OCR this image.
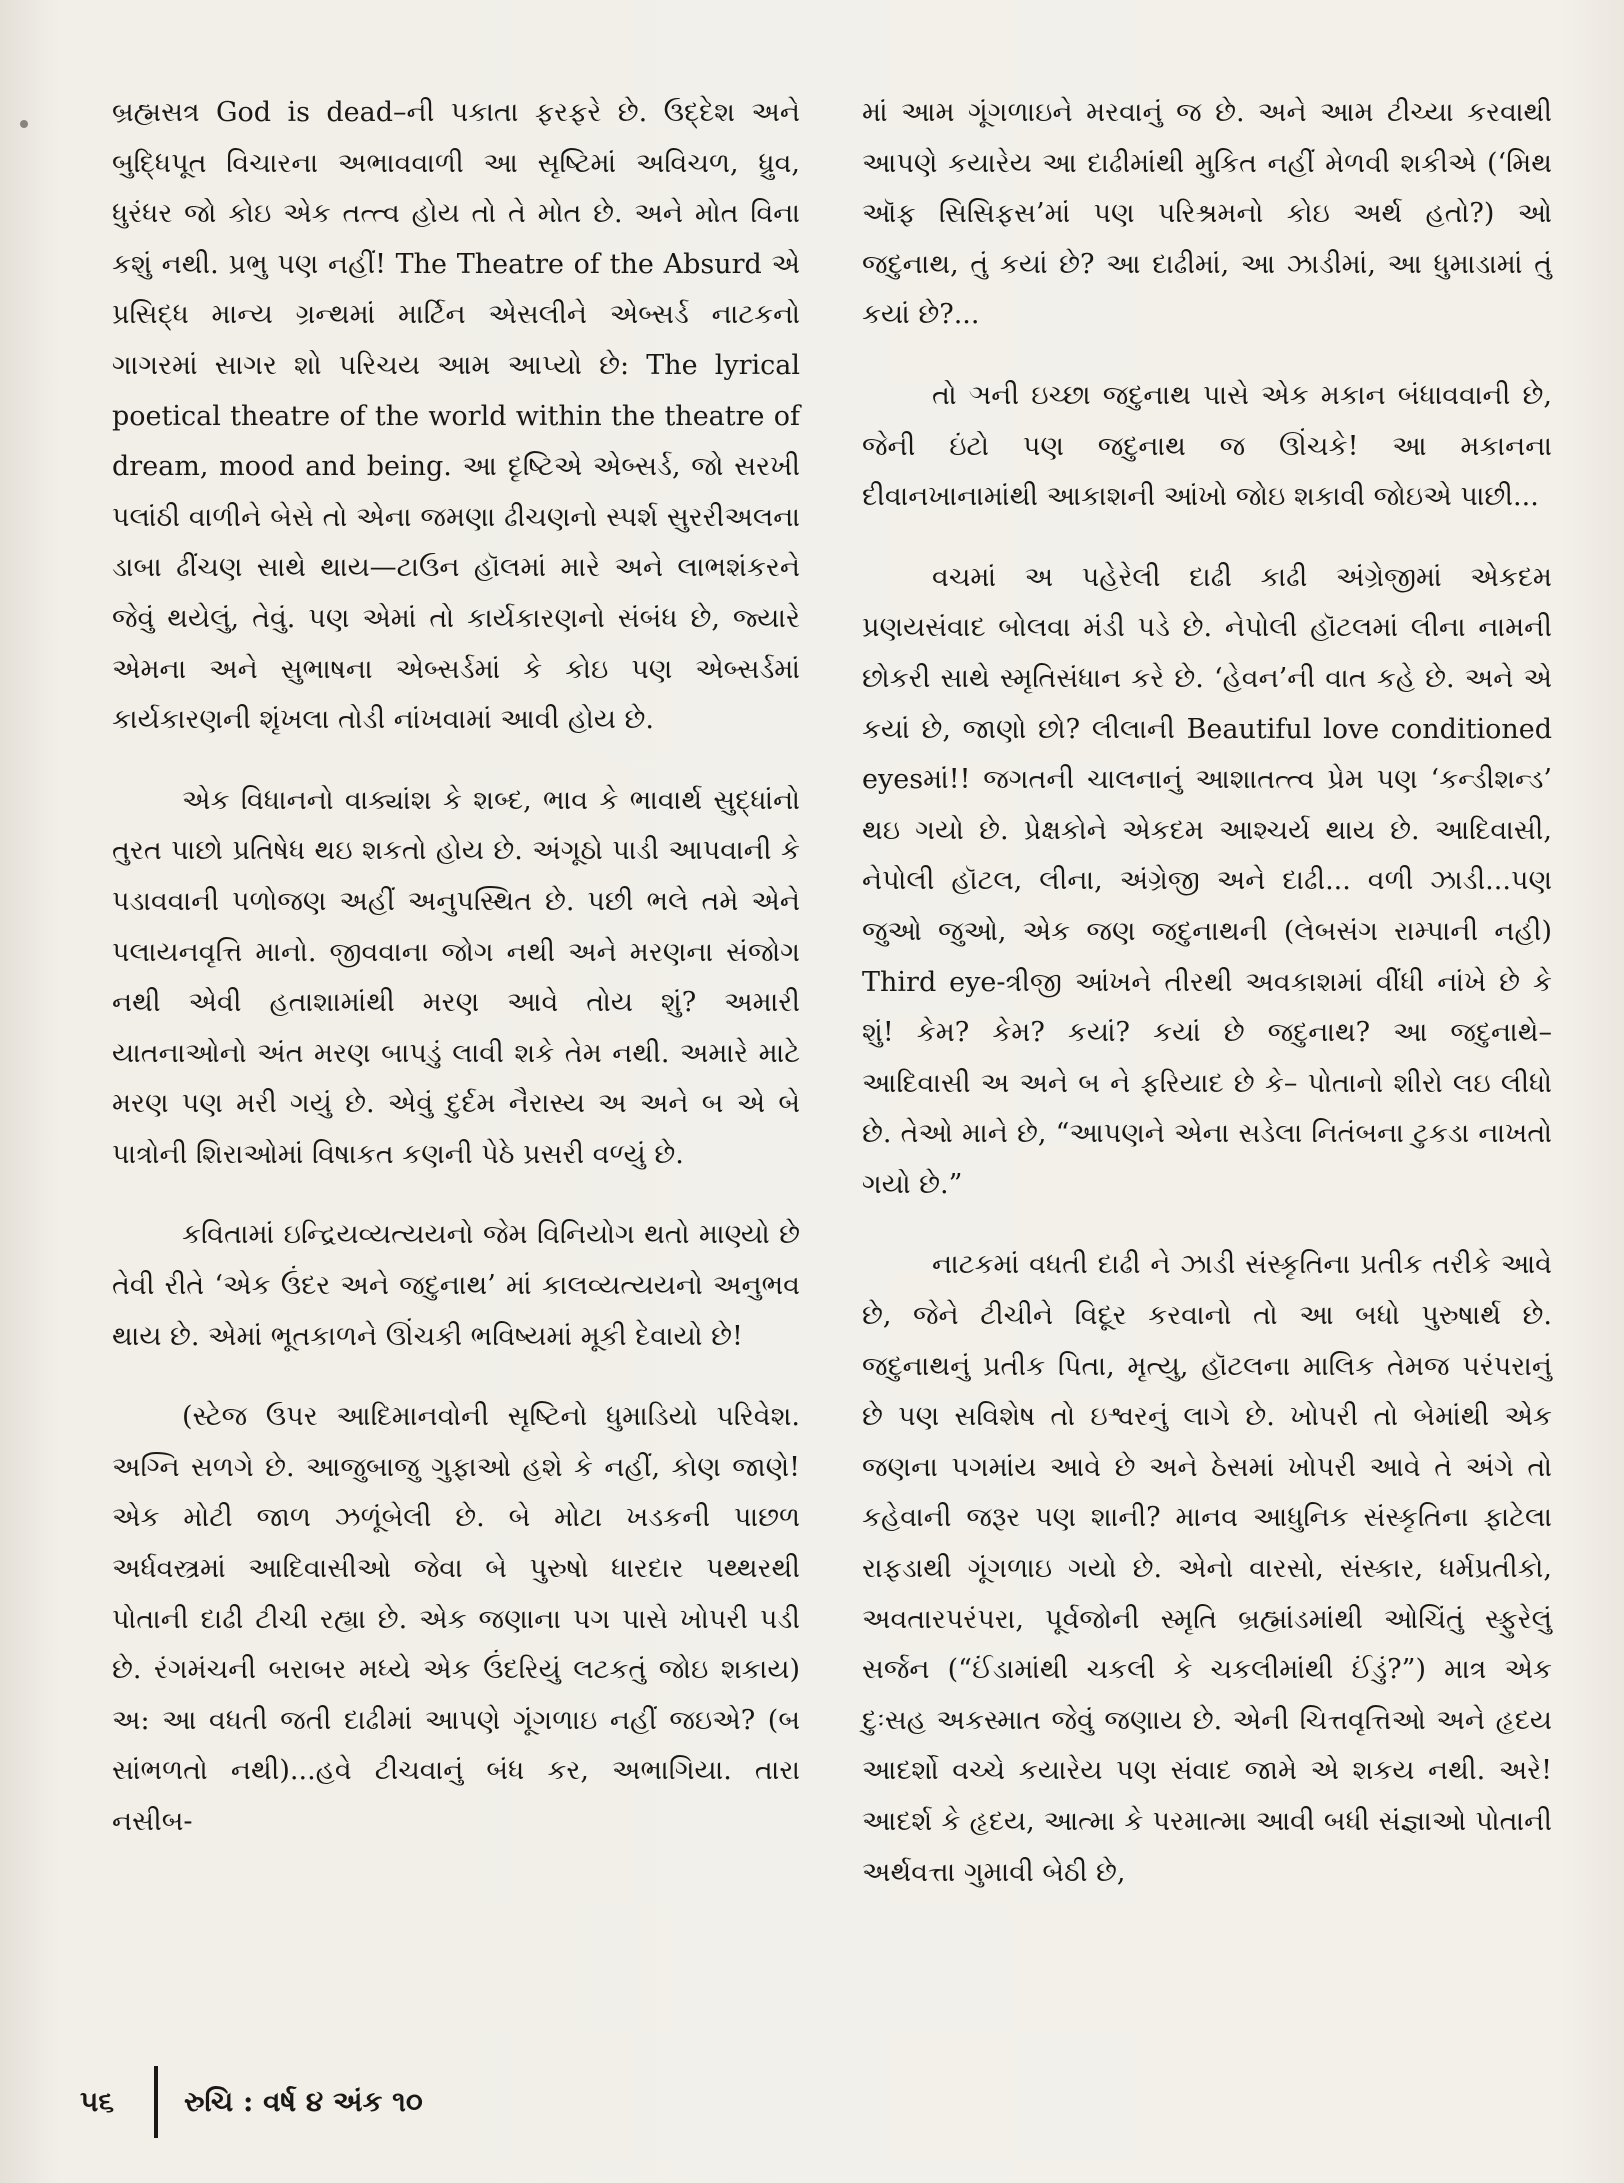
બ્રહ્મસત્ર God is dead–ની પકાતા ફરફરે છે. ઉદ્દેશ અને બુદ્ધિપૂત વિચારના અભાવવાળી આ સૃષ્ટિમાં અવિચળ, ધ્રુવ, ધુરંધર જો કોઇ એક તત્ત્વ હોય તો તે મોત છે. અને મોત વિના કશું નથી. પ્રભુ પણ નહીં! The Theatre of the Absurd એ પ્રસિદ્ધ માન્ય ગ્રન્થમાં માર્ટિન એસલીને એબ્સર્ડ નાટકનો ગાગરમાં સાગર શો પરિચય આમ આપ્યો છે: The lyrical poetical theatre of the world within the theatre of dream, mood and being. આ દૃષ્ટિએ એબ્સર્ડ, જો સરખી પલાંઠી વાળીને બેસે તો એના જમણા ઢીચણનો સ્પર્શ સુરરીઅલના ડાબા ઢીંચણ સાથે થાય—ટાઉન હૉલમાં મારે અને લાભશંકરને જેવું થયેલું, તેવું. પણ એમાં તો કાર્યકારણનો સંબંધ છે, જ્યારે એમના અને સુભાષના એબ્સર્ડમાં કે કોઇ પણ એબ્સર્ડમાં કાર્યકારણની શૃંખલા તોડી નાંખવામાં આવી હોય છે.

એક વિધાનનો વાક્યાંશ કે શબ્દ, ભાવ કે ભાવાર્થ સુદ્ધાંનો તુરત પાછો પ્રતિષેધ થઇ શકતો હોય છે. અંગૂઠો પાડી આપવાની કે પડાવવાની પળોજણ અહીં અનુપસ્થિત છે. પછી ભલે તમે એને પલાયનવૃત્તિ માનો. જીવવાના જોગ નથી અને મરણના સંજોગ નથી એવી હતાશામાંથી મરણ આવે તોય શું? અમારી યાતનાઓનો અંત મરણ બાપડું લાવી શકે તેમ નથી. અમારે માટે મરણ પણ મરી ગયું છે. એવું દુર્દમ નૈરાસ્ય અ અને બ એ બે પાત્રોની શિરાઓમાં વિષાકત કણની પેઠે પ્રસરી વળ્યું છે.

કવિતામાં ઇન્દ્રિયવ્યત્યયનો જેમ વિનિયોગ થતો માણ્યો છે તેવી રીતે ‘એક ઉંદર અને જદુનાથ’ માં કાલવ્યત્યયનો અનુભવ થાય છે. એમાં ભૂતકાળને ઊંચકી ભવિષ્યમાં મૂકી દેવાયો છે!

(સ્ટેજ ઉપર આદિમાનવોની સૃષ્ટિનો ધુમાડિયો પરિવેશ. અગ્નિ સળગે છે. આજુબાજુ ગુફાઓ હશે કે નહીં, કોણ જાણે! એક મોટી જાળ ઝળૂંબેલી છે. બે મોટા ખડકની પાછળ અર્ધવસ્ત્રમાં આદિવાસીઓ જેવા બે પુરુષો ધારદાર પથ્થરથી પોતાની દાઢી ટીચી રહ્યા છે. એક જણાના પગ પાસે ખોપરી પડી છે. રંગમંચની બરાબર મધ્યે એક ઉંદરિયું લટકતું જોઇ શકાય) અ: આ વધતી જતી દાઢીમાં આપણે ગૂંગળાઇ નહીં જઇએ? (બ સાંભળતો નથી)...હવે ટીચવાનું બંધ કર, અભાગિયા. તારા નસીબ-

માં આમ ગૂંગળાઇને મરવાનું જ છે. અને આમ ટીચ્યા કરવાથી આપણે કયારેય આ દાઢીમાંથી મુકિત નહીં મેળવી શકીએ (‘મિથ ઑફ સિસિફસ’માં પણ પરિશ્રમનો કોઇ અર્થ હતો?) ઓ જદુનાથ, તું કયાં છે? આ દાઢીમાં, આ ઝાડીમાં, આ ધુમાડામાં તું કયાં છે?...

તો ઞની ઇચ્છા જદુનાથ પાસે એક મકાન બંધાવવાની છે, જેની ઇંટો પણ જદુનાથ જ ઊંચકે! આ મકાનના દીવાનખાનામાંથી આકાશની આંખો જોઇ શકાવી જોઇએ પાછી...

વચમાં અ પહેરેલી દાઢી કાઢી અંગ્રેજીમાં એકદમ પ્રણયસંવાદ બોલવા મંડી પડે છે. નેપોલી હૉટલમાં લીના નામની છોકરી સાથે સ્મૃતિસંધાન કરે છે. ‘હેવન’ની વાત કહે છે. અને એ કયાં છે, જાણો છો? લીલાની Beautiful love conditioned eyesમાં!! જગતની ચાલનાનું આશાતત્ત્વ પ્રેમ પણ ‘કન્ડીશન્ડ’ થઇ ગયો છે. પ્રેક્ષકોને એકદમ આશ્ચર્ય થાય છે. આદિવાસી, નેપોલી હૉટલ, લીના, અંગ્રેજી અને દાઢી... વળી ઝાડી...પણ જુઓ જુઓ, એક જણ જદુનાથની (લેબસંગ રામ્પાની નહી) Third eye-ત્રીજી આંખને તીરથી અવકાશમાં વીંધી નાંખે છે કે શું! કેમ? કેમ? કયાં? કયાં છે જદુનાથ? આ જદુનાથે– આદિવાસી અ અને બ ને ફરિયાદ છે કે– પોતાનો શીરો લઇ લીધો છે. તેઓ માને છે, “આપણને એના સડેલા નિતંબના ટુકડા નાખતો ગયો છે.”

નાટકમાં વધતી દાઢી ને ઝાડી સંસ્કૃતિના પ્રતીક તરીકે આવે છે, જેને ટીચીને વિદૂર કરવાનો તો આ બધો પુરુષાર્થ છે. જદુનાથનું પ્રતીક પિતા, મૃત્યુ, હૉટલના માલિક તેમજ પરંપરાનું છે પણ સવિશેષ તો ઇશ્વરનું લાગે છે. ખોપરી તો બેમાંથી એક જણના પગમાંય આવે છે અને ઠેસમાં ખોપરી આવે તે અંગે તો કહેવાની જરૂર પણ શાની? માનવ આધુનિક સંસ્કૃતિના ફાટેલા રાફડાથી ગૂંગળાઇ ગયો છે. એનો વારસો, સંસ્કાર, ધર્મપ્રતીકો, અવતારપરંપરા, પૂર્વજોની સ્મૃતિ બ્રહ્માંડમાંથી ઓચિંતું સ્ફુરેલું સર્જન (“ઈંડામાંથી ચકલી કે ચકલીમાંથી ઈંડું?”) માત્ર એક દુઃસહ અકસ્માત જેવું જણાય છે. એની ચિત્તવૃત્તિઓ અને હૃદય આદર્શો વચ્ચે કયારેય પણ સંવાદ જામે એ શકય નથી. અરે! આદર્શ કે હૃદય, આત્મા કે પરમાત્મા આવી બધી સંજ્ઞાઓ પોતાની અર્થવત્તા ગુમાવી બેઠી છે,

૫૬	રુચિ : વર્ષ ૪ અંક ૧૦
